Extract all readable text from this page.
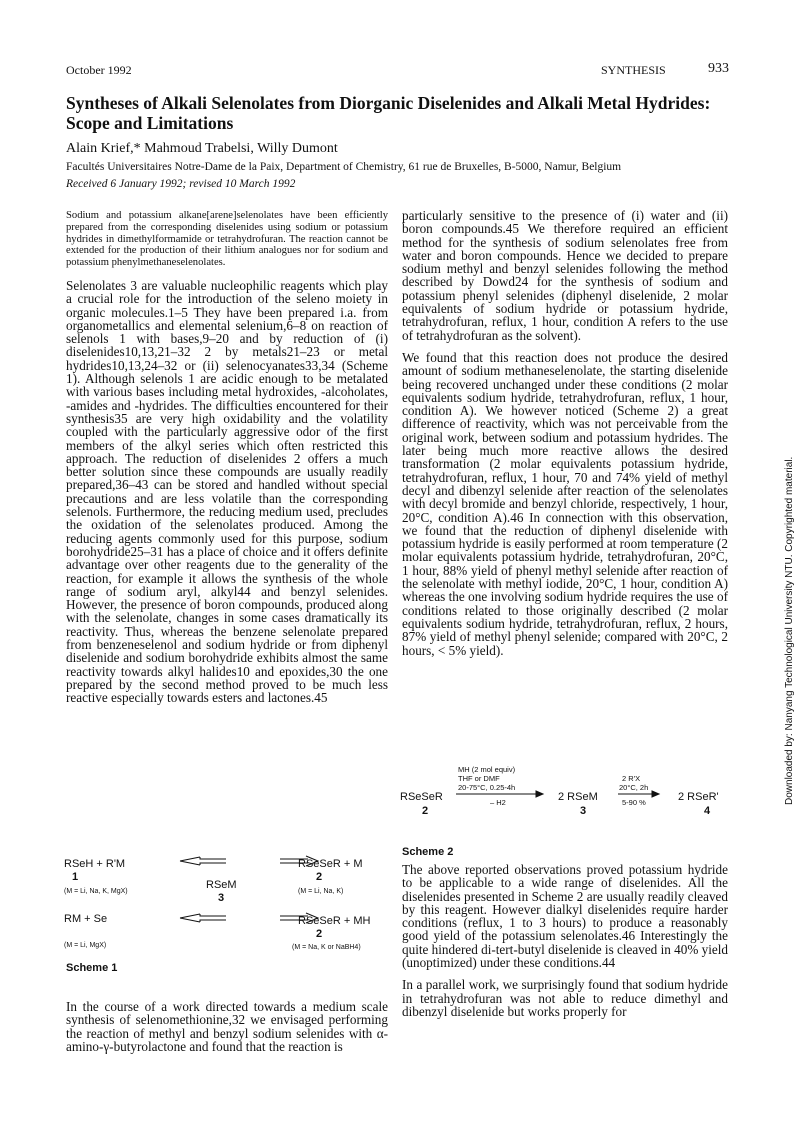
October 1992	SYNTHESIS	933
Syntheses of Alkali Selenolates from Diorganic Diselenides and Alkali Metal Hydrides: Scope and Limitations
Alain Krief,* Mahmoud Trabelsi, Willy Dumont
Facultés Universitaires Notre-Dame de la Paix, Department of Chemistry, 61 rue de Bruxelles, B-5000, Namur, Belgium
Received 6 January 1992; revised 10 March 1992

Sodium and potassium alkane[arene]selenolates have been efficiently prepared from the corresponding diselenides using sodium or potassium hydrides in dimethylformamide or tetrahydrofuran. The reaction cannot be extended for the production of their lithium analogues nor for sodium and potassium phenylmethaneselenolates.

Selenolates 3 are valuable nucleophilic reagents which play a crucial role for the introduction of the seleno moiety in organic molecules.1–5 They have been prepared i.a. from organometallics and elemental selenium,6–8 on reaction of selenols 1 with bases,9–20 and by reduction of (i) diselenides10,13,21–32 2 by metals21–23 or metal hydrides10,13,24–32 or (ii) selenocyanates33,34 (Scheme 1). Although selenols 1 are acidic enough to be metalated with various bases including metal hydroxides, -alcoholates, -amides and -hydrides. The difficulties encountered for their synthesis35 are very high oxidability and the volatility coupled with the particularly aggressive odor of the first members of the alkyl series which often restricted this approach. The reduction of diselenides 2 offers a much better solution since these compounds are usually readily prepared,36–43 can be stored and handled without special precautions and are less volatile than the corresponding selenols. Furthermore, the reducing medium used, precludes the oxidation of the selenolates produced. Among the reducing agents commonly used for this purpose, sodium borohydride25–31 has a place of choice and it offers definite advantage over other reagents due to the generality of the reaction, for example it allows the synthesis of the whole range of sodium aryl, alkyl44 and benzyl selenides. However, the presence of boron compounds, produced along with the selenolate, changes in some cases dramatically its reactivity. Thus, whereas the benzene selenolate prepared from benzeneselenol and sodium hydride or from diphenyl diselenide and sodium borohydride exhibits almost the same reactivity towards alkyl halides10 and epoxides,30 the one prepared by the second method proved to be much less reactive especially towards esters and lactones.45

RSeH + R'M
1
(M = Li, Na, K, MgX)
RSeSeR + M
2
(M = Li, Na, K)
RSeM
3
RM + Se
(M = Li, MgX)
RSeSeR + MH
2
(M = Na, K or NaBH4)
Scheme 1

In the course of a work directed towards a medium scale synthesis of selenomethionine,32 we envisaged performing the reaction of methyl and benzyl sodium selenides with α-amino-γ-butyrolactone and found that the reaction is

particularly sensitive to the presence of (i) water and (ii) boron compounds.45 We therefore required an efficient method for the synthesis of sodium selenolates free from water and boron compounds. Hence we decided to prepare sodium methyl and benzyl selenides following the method described by Dowd24 for the synthesis of sodium and potassium phenyl selenides (diphenyl diselenide, 2 molar equivalents of sodium hydride or potassium hydride, tetrahydrofuran, reflux, 1 hour, condition A refers to the use of tetrahydrofuran as the solvent).

We found that this reaction does not produce the desired amount of sodium methaneselenolate, the starting diselenide being recovered unchanged under these conditions (2 molar equivalents sodium hydride, tetrahydrofuran, reflux, 1 hour, condition A). We however noticed (Scheme 2) a great difference of reactivity, which was not perceivable from the original work, between sodium and potassium hydrides. The later being much more reactive allows the desired transformation (2 molar equivalents potassium hydride, tetrahydrofuran, reflux, 1 hour, 70 and 74% yield of methyl decyl and dibenzyl selenide after reaction of the selenolates with decyl bromide and benzyl chloride, respectively, 1 hour, 20°C, condition A).46 In connection with this observation, we found that the reduction of diphenyl diselenide with potassium hydride is easily performed at room temperature (2 molar equivalents potassium hydride, tetrahydrofuran, 20°C, 1 hour, 88% yield of phenyl methyl selenide after reaction of the selenolate with methyl iodide, 20°C, 1 hour, condition A) whereas the one involving sodium hydride requires the use of conditions related to those originally described (2 molar equivalents sodium hydride, tetrahydrofuran, reflux, 2 hours, 87% yield of methyl phenyl selenide; compared with 20°C, 2 hours, < 5% yield).

MH (2 mol equiv)
THF or DMF
20-75°C, 0.25-4h
– H2
RSeSeR
2
2 RSeM
3
2 R'X
20°C, 2h
5-90 %	2 RSeR'
4
Scheme 2

The above reported observations proved potassium hydride to be applicable to a wide range of diselenides. All the diselenides presented in Scheme 2 are usually readily cleaved by this reagent. However dialkyl diselenides require harder conditions (reflux, 1 to 3 hours) to produce a reasonably good yield of the potassium selenolates.46 Interestingly the quite hindered di-tert-butyl diselenide is cleaved in 40% yield (unoptimized) under these conditions.44

In a parallel work, we surprisingly found that sodium hydride in tetrahydrofuran was not able to reduce dimethyl and dibenzyl diselenide but works properly for

Downloaded by: Nanyang Technological University NTU. Copyrighted material.
